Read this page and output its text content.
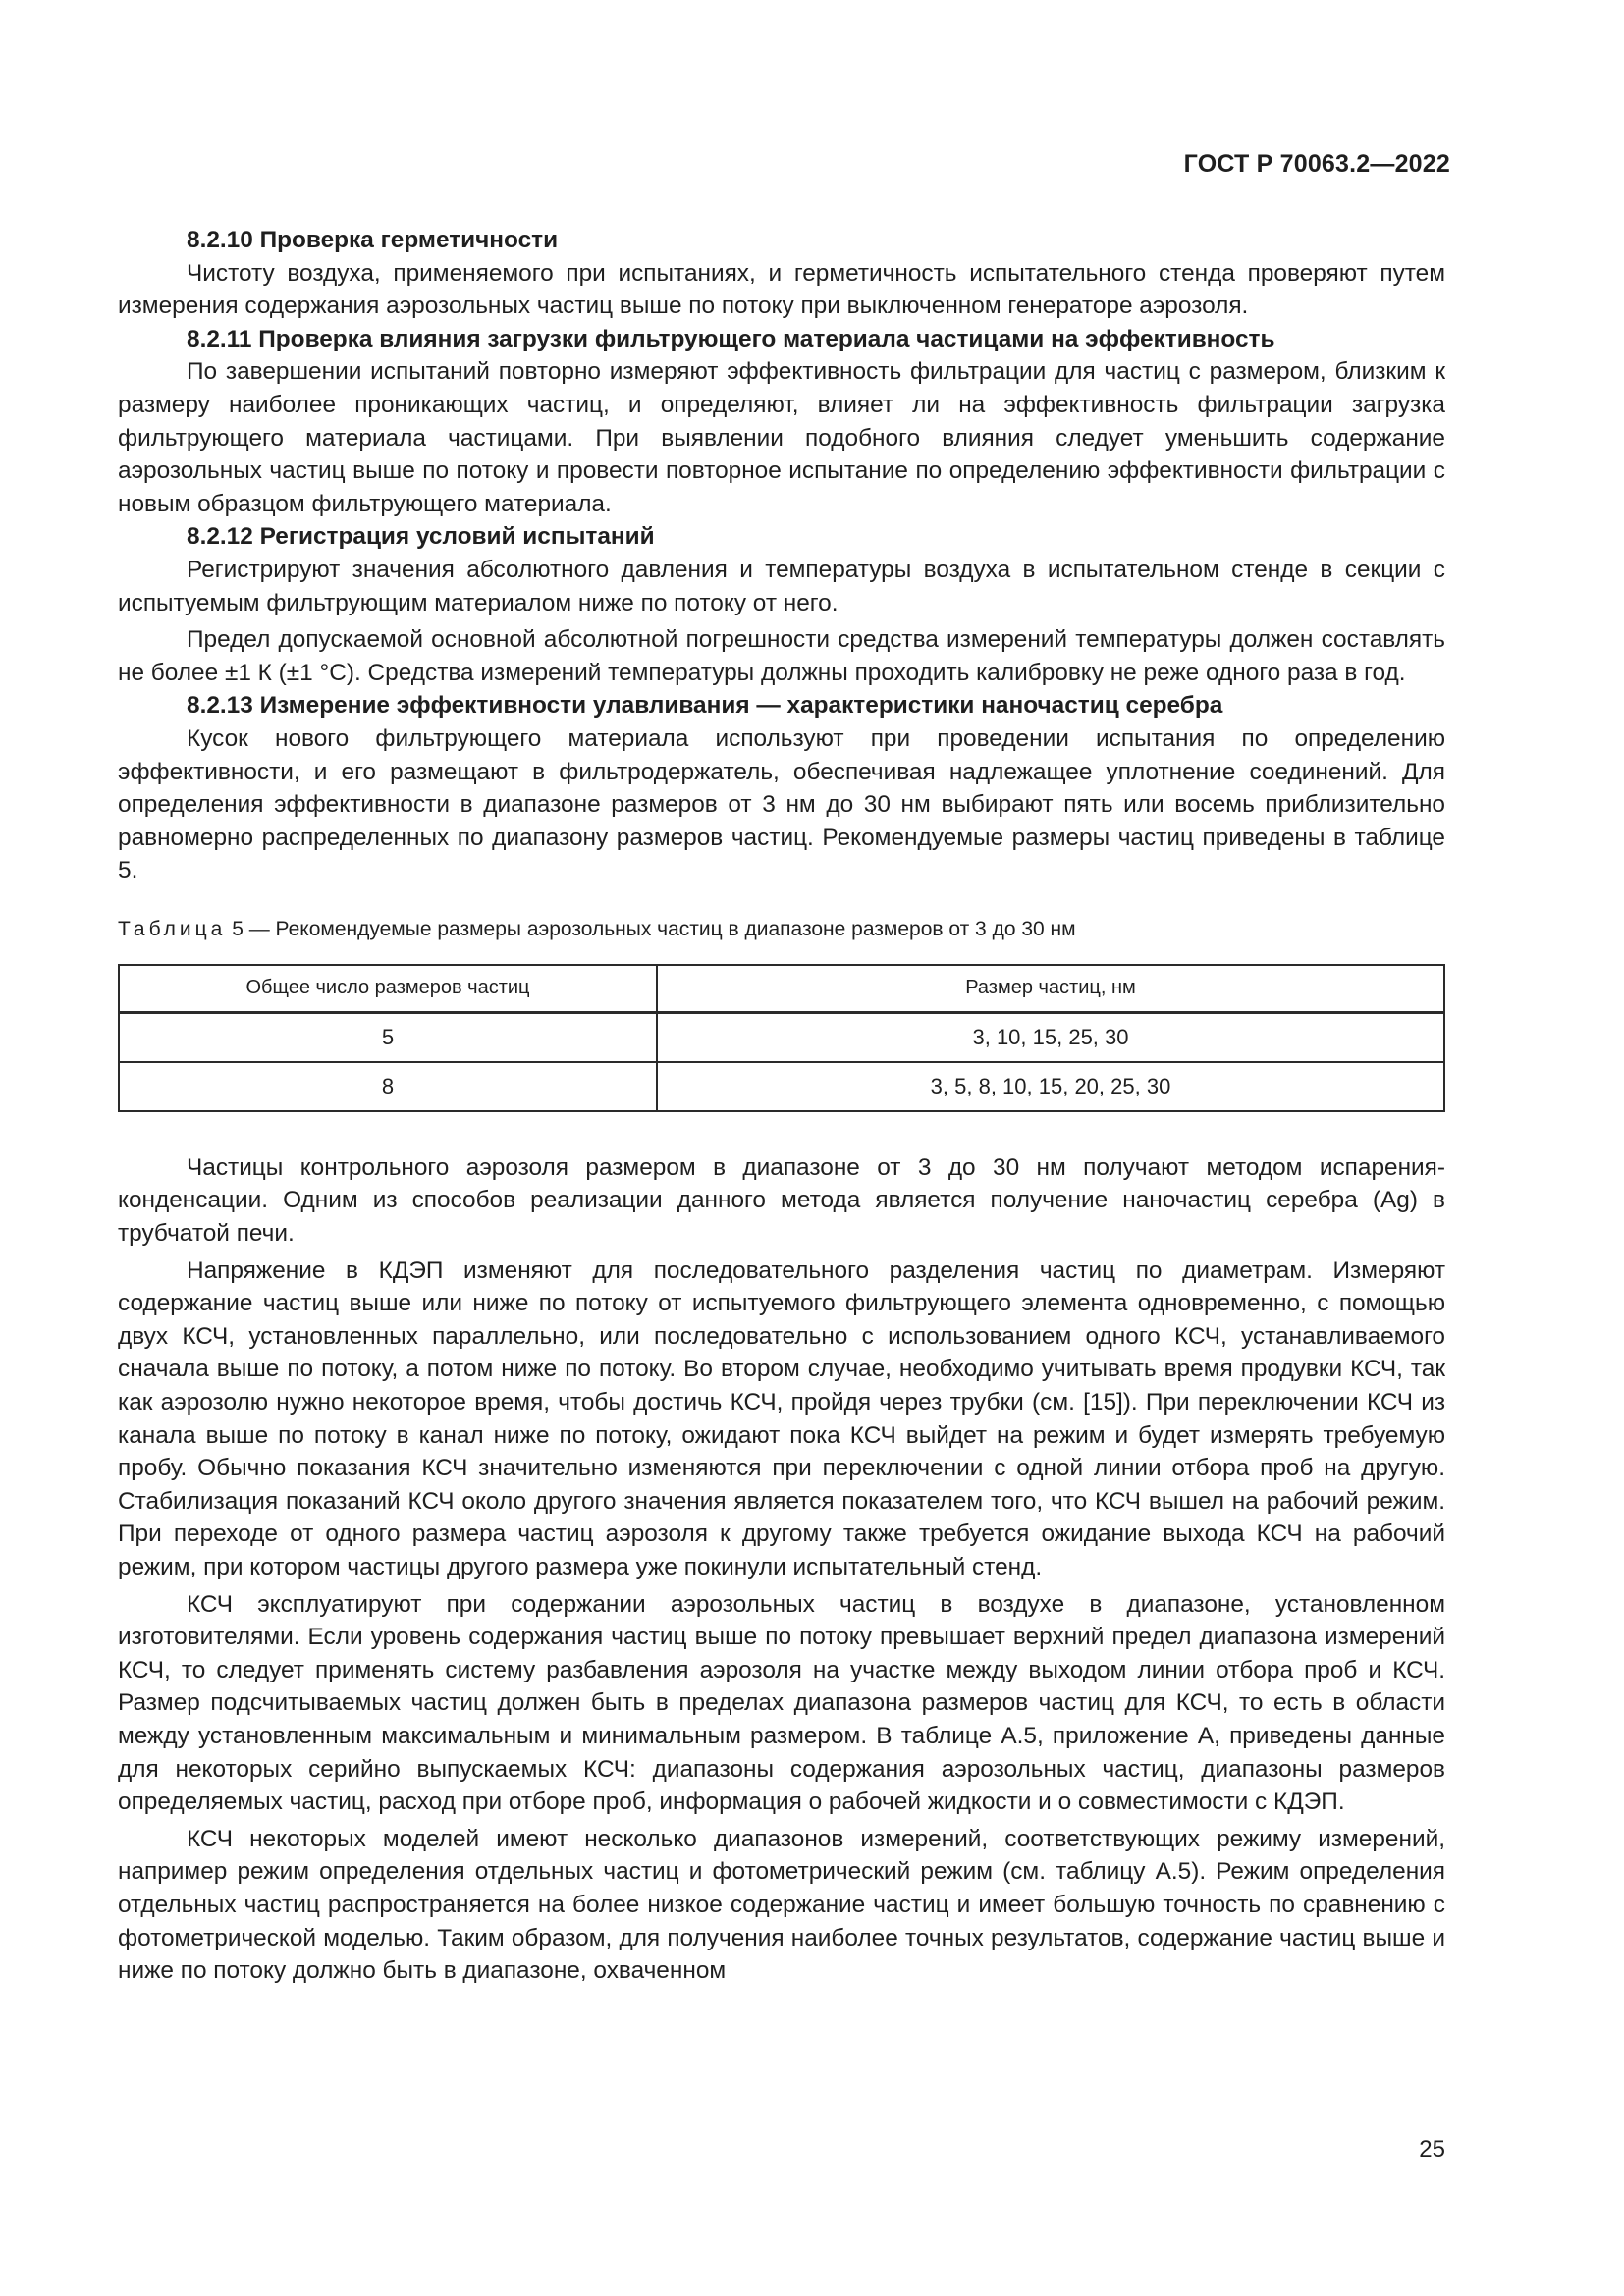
ГОСТ Р 70063.2—2022

8.2.10 Проверка герметичности

Чистоту воздуха, применяемого при испытаниях, и герметичность испытательного стенда проверяют путем измерения содержания аэрозольных частиц выше по потоку при выключенном генераторе аэрозоля.

8.2.11 Проверка влияния загрузки фильтрующего материала частицами на эффективность

По завершении испытаний повторно измеряют эффективность фильтрации для частиц с размером, близким к размеру наиболее проникающих частиц, и определяют, влияет ли на эффективность фильтрации загрузка фильтрующего материала частицами. При выявлении подобного влияния следует уменьшить содержание аэрозольных частиц выше по потоку и провести повторное испытание по определению эффективности фильтрации с новым образцом фильтрующего материала.

8.2.12 Регистрация условий испытаний

Регистрируют значения абсолютного давления и температуры воздуха в испытательном стенде в секции с испытуемым фильтрующим материалом ниже по потоку от него.

Предел допускаемой основной абсолютной погрешности средства измерений температуры должен составлять не более ±1 К (±1 °С). Средства измерений температуры должны проходить калибровку не реже одного раза в год.

8.2.13 Измерение эффективности улавливания — характеристики наночастиц серебра

Кусок нового фильтрующего материала используют при проведении испытания по определению эффективности, и его размещают в фильтродержатель, обеспечивая надлежащее уплотнение соединений. Для определения эффективности в диапазоне размеров от 3 нм до 30 нм выбирают пять или восемь приблизительно равномерно распределенных по диапазону размеров частиц. Рекомендуемые размеры частиц приведены в таблице 5.

Таблица 5 — Рекомендуемые размеры аэрозольных частиц в диапазоне размеров от 3 до 30 нм
Общее число размеров частиц	Размер частиц, нм
5	3, 10, 15, 25, 30
8	3, 5, 8, 10, 15, 20, 25, 30

Частицы контрольного аэрозоля размером в диапазоне от 3 до 30 нм получают методом испарения-конденсации. Одним из способов реализации данного метода является получение наночастиц серебра (Ag) в трубчатой печи.

Напряжение в КДЭП изменяют для последовательного разделения частиц по диаметрам. Измеряют содержание частиц выше или ниже по потоку от испытуемого фильтрующего элемента одновременно, с помощью двух КСЧ, установленных параллельно, или последовательно с использованием одного КСЧ, устанавливаемого сначала выше по потоку, а потом ниже по потоку. Во втором случае, необходимо учитывать время продувки КСЧ, так как аэрозолю нужно некоторое время, чтобы достичь КСЧ, пройдя через трубки (см. [15]). При переключении КСЧ из канала выше по потоку в канал ниже по потоку, ожидают пока КСЧ выйдет на режим и будет измерять требуемую пробу. Обычно показания КСЧ значительно изменяются при переключении с одной линии отбора проб на другую. Стабилизация показаний КСЧ около другого значения является показателем того, что КСЧ вышел на рабочий режим. При переходе от одного размера частиц аэрозоля к другому также требуется ожидание выхода КСЧ на рабочий режим, при котором частицы другого размера уже покинули испытательный стенд.

КСЧ эксплуатируют при содержании аэрозольных частиц в воздухе в диапазоне, установленном изготовителями. Если уровень содержания частиц выше по потоку превышает верхний предел диапазона измерений КСЧ, то следует применять систему разбавления аэрозоля на участке между выходом линии отбора проб и КСЧ. Размер подсчитываемых частиц должен быть в пределах диапазона размеров частиц для КСЧ, то есть в области между установленным максимальным и минимальным размером. В таблице А.5, приложение А, приведены данные для некоторых серийно выпускаемых КСЧ: диапазоны содержания аэрозольных частиц, диапазоны размеров определяемых частиц, расход при отборе проб, информация о рабочей жидкости и о совместимости с КДЭП.

КСЧ некоторых моделей имеют несколько диапазонов измерений, соответствующих режиму измерений, например режим определения отдельных частиц и фотометрический режим (см. таблицу А.5). Режим определения отдельных частиц распространяется на более низкое содержание частиц и имеет большую точность по сравнению с фотометрической моделью. Таким образом, для получения наиболее точных результатов, содержание частиц выше и ниже по потоку должно быть в диапазоне, охваченном

25
